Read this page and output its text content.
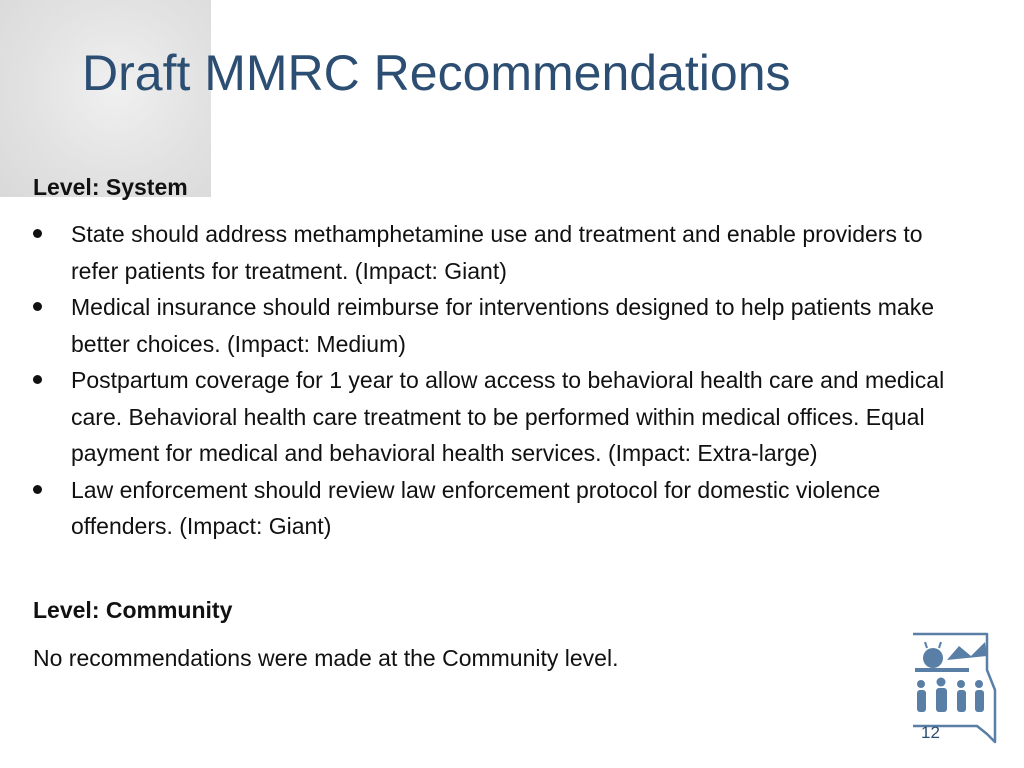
Draft MMRC Recommendations
Level: System
State should address methamphetamine use and treatment and enable providers to refer patients for treatment. (Impact: Giant)
Medical insurance should reimburse for interventions designed to help patients make better choices. (Impact: Medium)
Postpartum coverage for 1 year to allow access to behavioral health care and medical care. Behavioral health care treatment to be performed within medical offices. Equal payment for medical and behavioral health services. (Impact: Extra-large)
Law enforcement should review law enforcement protocol for domestic violence offenders. (Impact: Giant)
Level: Community
No recommendations were made at the Community level.
12
